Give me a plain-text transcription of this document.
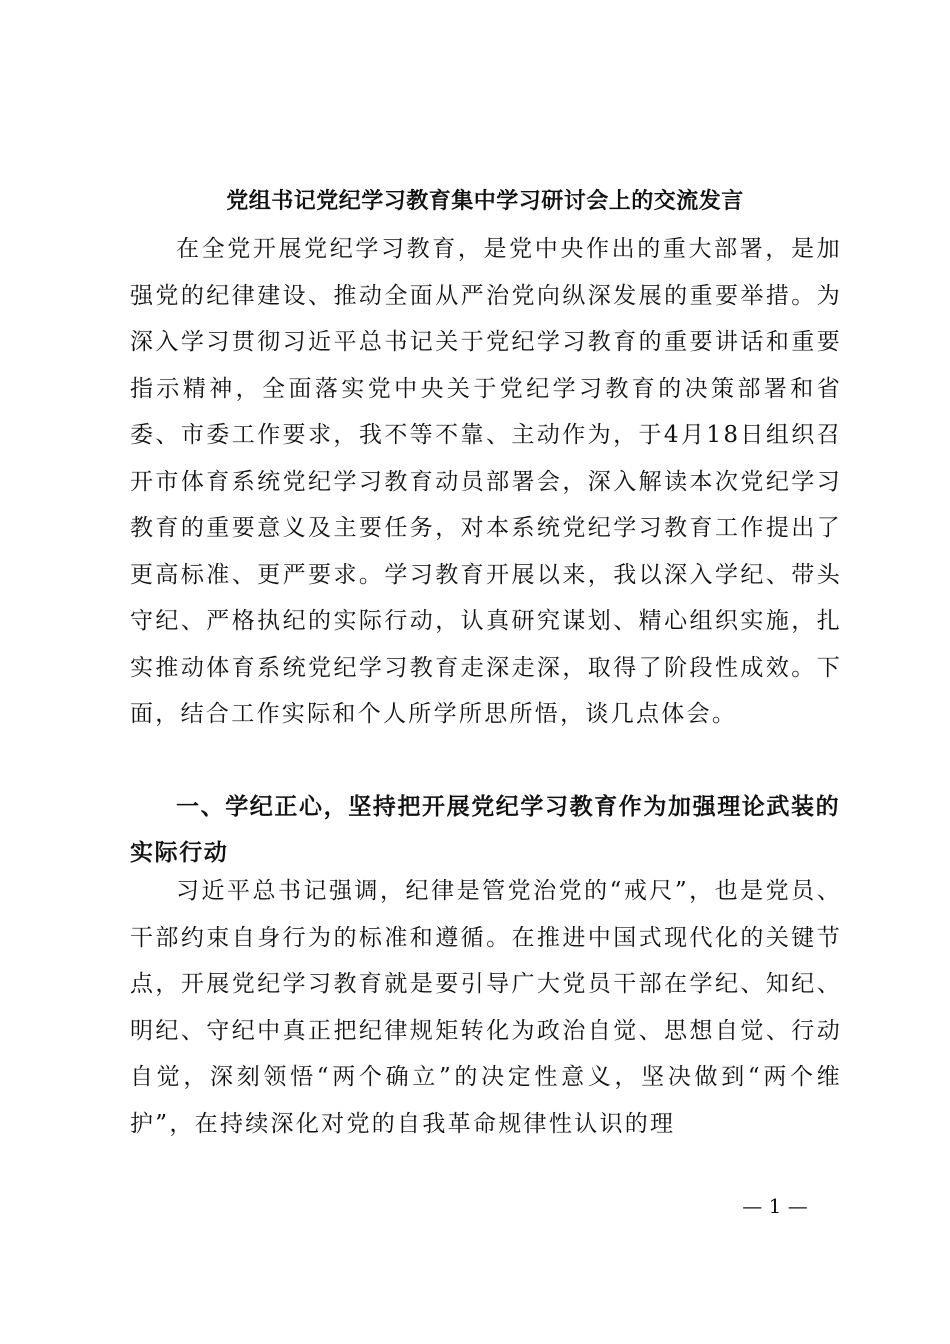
党组书记党纪学习教育集中学习研讨会上的交流发言

在全党开展党纪学习教育，是党中央作出的重大部署，是加强党的纪律建设、推动全面从严治党向纵深发展的重要举措。为深入学习贯彻习近平总书记关于党纪学习教育的重要讲话和重要指示精神，全面落实党中央关于党纪学习教育的决策部署和省委、市委工作要求，我不等不靠、主动作为，于4月18日组织召开市体育系统党纪学习教育动员部署会，深入解读本次党纪学习教育的重要意义及主要任务，对本系统党纪学习教育工作提出了更高标准、更严要求。学习教育开展以来，我以深入学纪、带头守纪、严格执纪的实际行动，认真研究谋划、精心组织实施，扎实推动体育系统党纪学习教育走深走深，取得了阶段性成效。下面，结合工作实际和个人所学所思所悟，谈几点体会。

一、学纪正心，坚持把开展党纪学习教育作为加强理论武装的实际行动

习近平总书记强调，纪律是管党治党的“戒尺”，也是党员、干部约束自身行为的标准和遵循。在推进中国式现代化的关键节点，开展党纪学习教育就是要引导广大党员干部在学纪、知纪、明纪、守纪中真正把纪律规矩转化为政治自觉、思想自觉、行动自觉，深刻领悟“两个确立”的决定性意义，坚决做到“两个维护”，在持续深化对党的自我革命规律性认识的理

— 1 —
